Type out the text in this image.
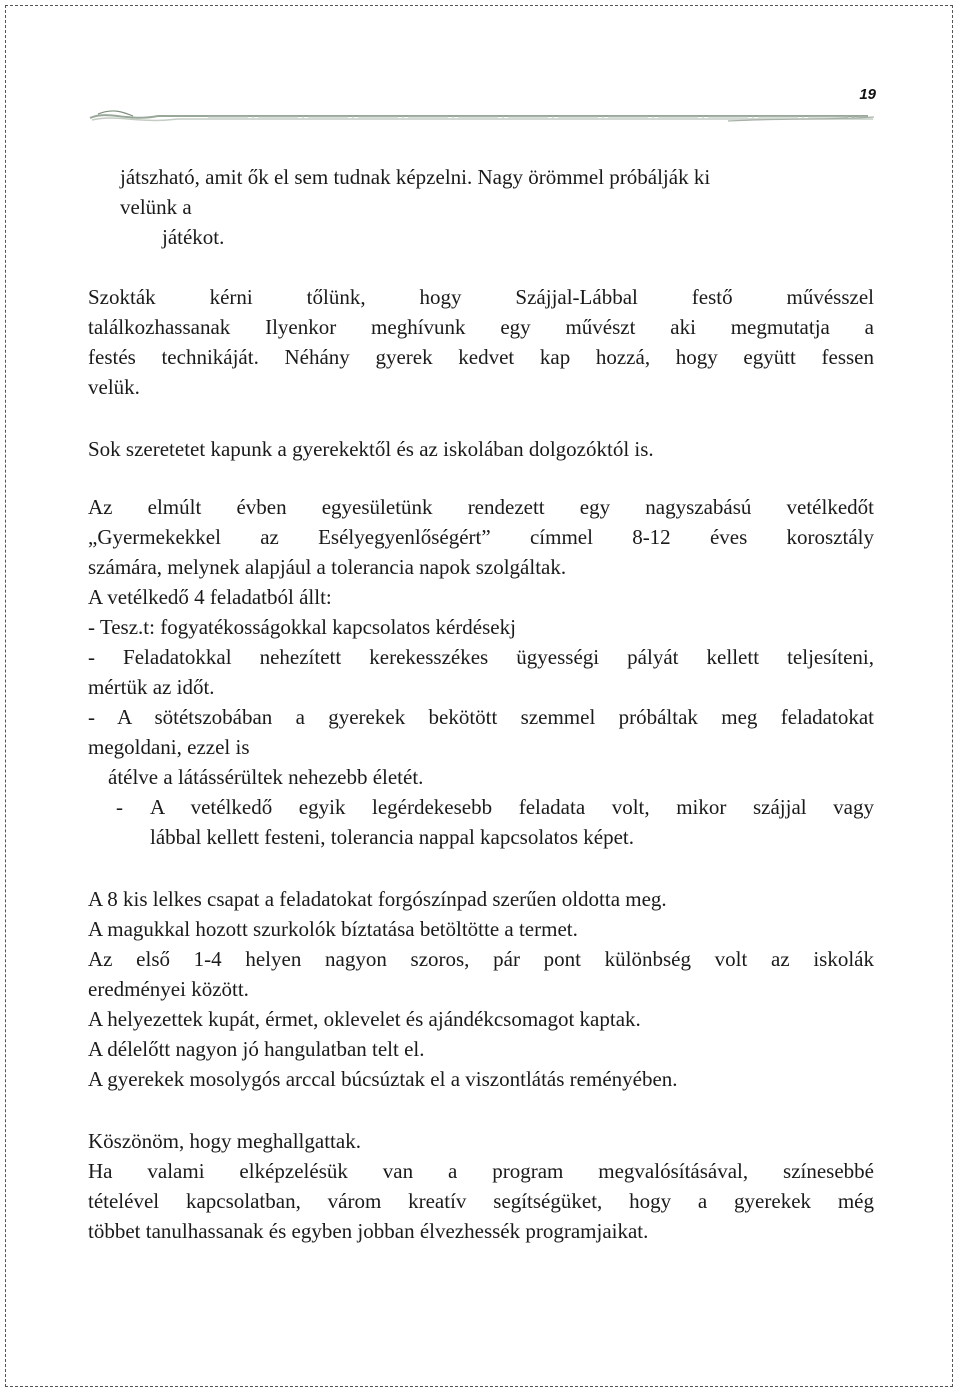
19
játszható, amit ők el sem tudnak képzelni. Nagy örömmel próbálják ki
velünk a
játékot.
Szokták kérni tőlünk, hogy Szájjal-Lábbal festő művésszel
találkozhassanak Ilyenkor meghívunk egy művészt aki megmutatja a
festés technikáját. Néhány gyerek kedvet kap hozzá, hogy együtt fessen
velük.
Sok szeretetet kapunk a gyerekektől és az iskolában dolgozóktól is.
Az elmúlt évben egyesületünk rendezett egy nagyszabású vetélkedőt
„Gyermekekkel az Esélyegyenlőségért” címmel 8-12 éves korosztály
számára, melynek alapjául a tolerancia napok szolgáltak.
A vetélkedő 4 feladatból állt:
- Tesz.t: fogyatékosságokkal kapcsolatos kérdésekj
- Feladatokkal nehezített kerekesszékes ügyességi pályát kellett teljesíteni,
mértük az időt.
- A sötétszobában a gyerekek bekötött szemmel próbáltak meg feladatokat
megoldani, ezzel is
átélve a látássérültek nehezebb életét.
-	A vetélkedő egyik legérdekesebb feladata volt, mikor szájjal vagy
lábbal kellett festeni, tolerancia nappal kapcsolatos képet.
A 8 kis lelkes csapat a feladatokat forgószínpad szerűen oldotta meg.
A magukkal hozott szurkolók bíztatása betöltötte a termet.
Az első 1-4 helyen nagyon szoros, pár pont különbség volt az iskolák
eredményei között.
A helyezettek kupát, érmet, oklevelet és ajándékcsomagot kaptak.
A délelőtt nagyon jó hangulatban telt el.
A gyerekek mosolygós arccal búcsúztak el a viszontlátás reményében.
Köszönöm, hogy meghallgattak.
Ha valami elképzelésük van a program megvalósításával, színesebbé
tételével kapcsolatban, várom kreatív segítségüket, hogy a gyerekek még
többet tanulhassanak és egyben jobban élvezhessék programjaikat.
